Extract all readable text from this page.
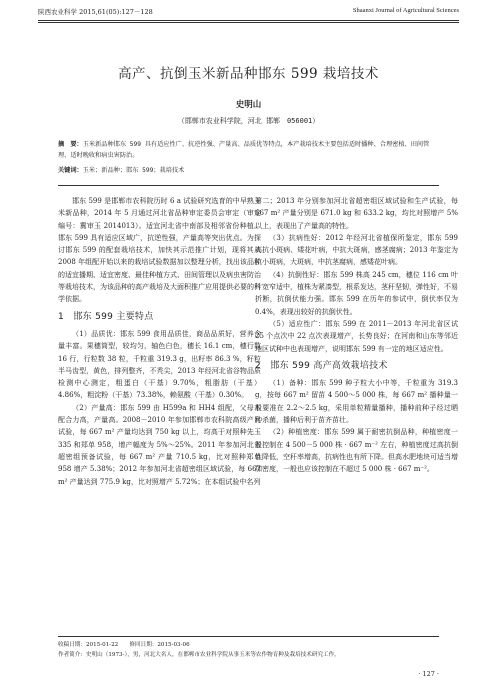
陕西农业科学 2015,61(05):127－128	Shaanxi Journal of Agricultural Sciences
高产、抗倒玉米新品种邯东 599 栽培技术
史明山
（邯郸市农业科学院，河北 邯郸　056001）
摘　要：玉米新品种邯东 599 具有适应性广、抗逆性强、产量高、品质优等特点，本产栽培技术主要包括适时播种、合理密植、田间管理、适时晚收和病虫害防治。
关键词：玉米；新品种；邯东 599；栽培技术

邯东 599 是邯郸市农科院历时 6 a 试验研究选育的中早熟玉米新品种，2014 年 5 月通过河北省品种审定委员会审定（审定编号：冀审玉 2014013）。适宜河北省中南部及相邻省份种植。邯东 599 具有适应区域广，抗逆性强，产量高等突出优点。为探讨邯东 599 的配套栽培技术，加快其示范推广计划，现将其从 2008 年组配开始以来的栽培试验数据加以整理分析，找出该品种的适宜播期、适宜密度、最佳种植方式、田间管理以及病虫害防治等栽培技术，为该品种的高产栽培及大面积推广应用提供必要的科学依据。

1　邯东 599 主要特点

（1）品质优：邯东 599 食用品质佳，商品品质好，营养含量丰富。果穗筒型，较均匀，轴色白色，穗长 16.1 cm，穗行数 16 行，行粒数 38 粒，千粒重 319.3 g，出籽率 86.3 %，籽粒半马齿型，黄色，排列整齐，不秃尖，2013 年经河北省谷物品质检测中心测定，粗蛋白（干基）9.70%，粗脂肪（干基）4.86%，粗淀粉（干基）73.38%，赖氨酸（干基）0.30%。

（2）产量高：邯东 599 由 H599a 和 HH4 组配，父母本配合力高，产量高。2008－2010 年参加邯郸市农科院高级产比试验，每 667 m² 产量均达到 750 kg 以上，均高于对照种先玉 335 和郑单 958，增产幅度为 5%～25%。2011 年参加河北省超密组预备试验，每 667 m² 产量 710.5 kg，比对照种郑单 958 增产 5.38%；2012 年参加河北省超密组区域试验，每 667 m² 产量达到 775.9 kg，比对照增产 5.72%；在本组试验中名列

第二；2013 年分别参加河北省超密组区域试验和生产试验，每 667 m² 产量分别是 671.0 kg 和 633.2 kg，均比对照增产 5% 以上，表现出了产量高的特性。

（3）抗病性好：2012 年经河北省植保所鉴定，邯东 599 高抗小斑病、矮花叶病，中抗大斑病，感茎腐病；2013 年鉴定为抗小斑病，大斑病，中抗茎腐病，感矮花叶病。

（4）抗倒性好：邯东 599 株高 245 cm，穗位 116 cm 叶片宽窄适中，植株为紧凑型，根系发达，茎秆坚韧，弹性好，不易折断，抗倒伏能力强。邯东 599 在历年的参试中，倒伏率仅为 0.4%，表现出较好的抗倒伏性。

（5）适应性广：邯东 599 在 2011－2013 年河北省区试 25 个点次中 22 点次表现增产，长势良好；在河南和山东等邻近地区试种中也表现增产，说明邯东 599 有一定的地区适应性。

2　邯东 599 高产高效栽培技术

（1）备种：邯东 599 种子粒大小中等，千粒重为 319.3 g，按每 667 m² 留苗 4 500～5 000 株，每 667 m² 播种量一般要准在 2.2～2.5 kg，采用单粒精量播种，播种前种子经过晒种杀菌，播种后利于苗齐苗壮。

（2）种植密度：邯东 599 属于耐密抗倒品种，种植密度一般控制在 4 500－5 000 株 · 667 m⁻² 左右，种植密度过高抗倒性降低，空秆率增高，抗病性也有所下降。但高水肥地块可适当增加密度，一般也应该控制在不超过 5 000 株 · 667 m⁻²。

收稿日期：2015-01-22　　修回日期：2015-03-06
作者简介：史明山（1973-），男，河北大名人，在邯郸市农业科学院从事玉米等农作物育种及栽培技术研究工作。
· 127 ·
